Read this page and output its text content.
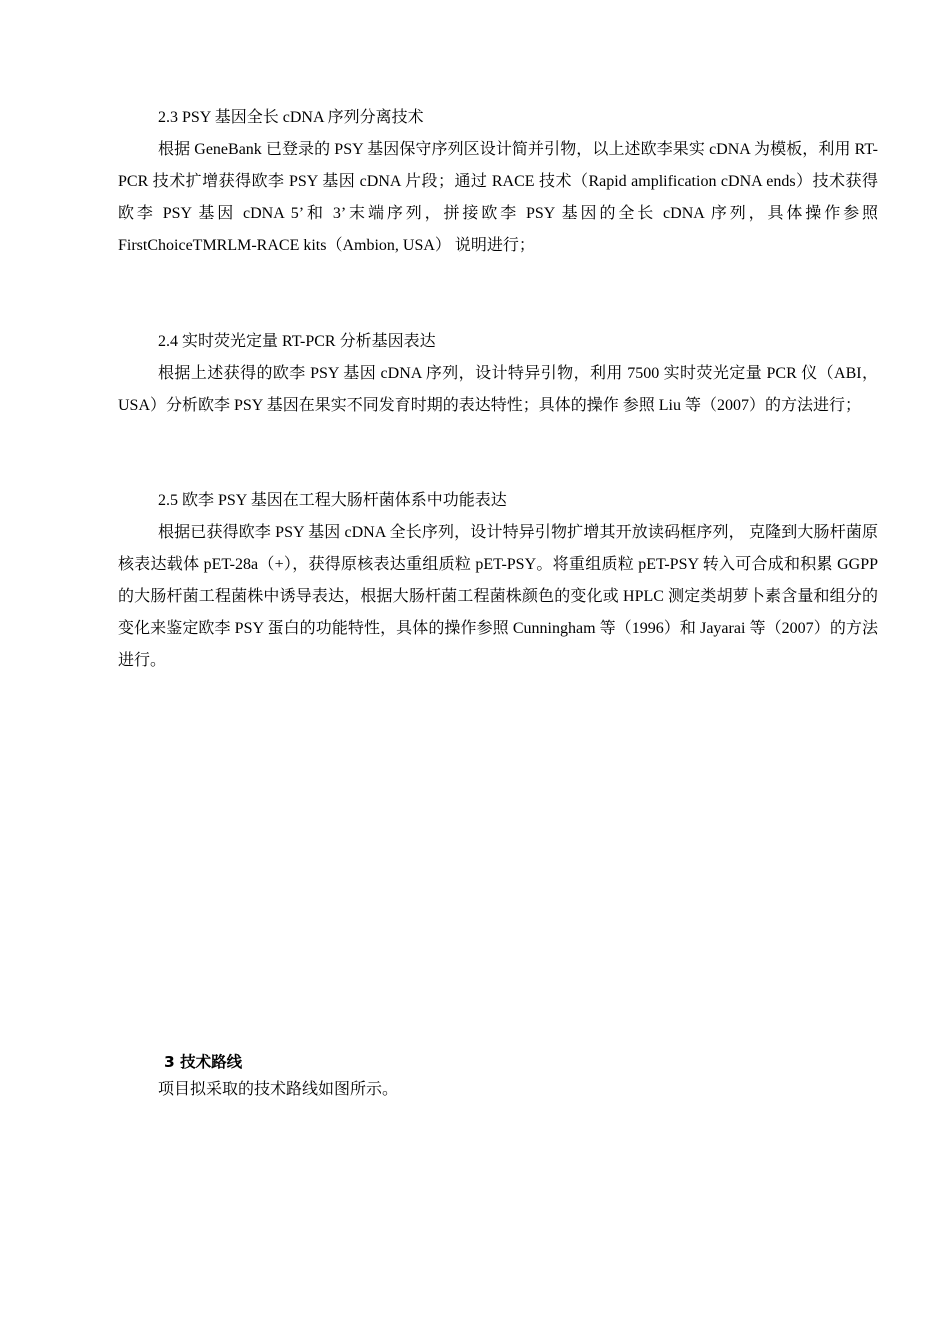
2.3 PSY 基因全长 cDNA 序列分离技术

根据 GeneBank 已登录的 PSY 基因保守序列区设计简并引物，以上述欧李果实 cDNA 为模板，利用 RT-PCR 技术扩增获得欧李 PSY 基因 cDNA 片段；通过 RACE 技术（Rapid amplification cDNA ends）技术获得欧李 PSY 基因 cDNA 5’和 3’末端序列，拼接欧李 PSY 基因的全长 cDNA 序列，具体操作参照 FirstChoiceTMRLM-RACE kits（Ambion, USA） 说明进行；

2.4 实时荧光定量 RT-PCR 分析基因表达

根据上述获得的欧李 PSY 基因 cDNA 序列，设计特异引物，利用 7500 实时荧光定量 PCR 仪（ABI，USA）分析欧李 PSY 基因在果实不同发育时期的表达特性；具体的操作 参照 Liu 等（2007）的方法进行；

2.5 欧李 PSY 基因在工程大肠杆菌体系中功能表达

根据已获得欧李 PSY 基因 cDNA 全长序列，设计特异引物扩增其开放读码框序列， 克隆到大肠杆菌原核表达载体 pET-28a（+），获得原核表达重组质粒 pET-PSY。将重组质粒 pET-PSY 转入可合成和积累 GGPP 的大肠杆菌工程菌株中诱导表达，根据大肠杆菌工程菌株颜色的变化或 HPLC 测定类胡萝卜素含量和组分的变化来鉴定欧李 PSY 蛋白的功能特性，具体的操作参照 Cunningham 等（1996）和 Jayarai 等（2007）的方法进行。

3 技术路线
项目拟采取的技术路线如图所示。
